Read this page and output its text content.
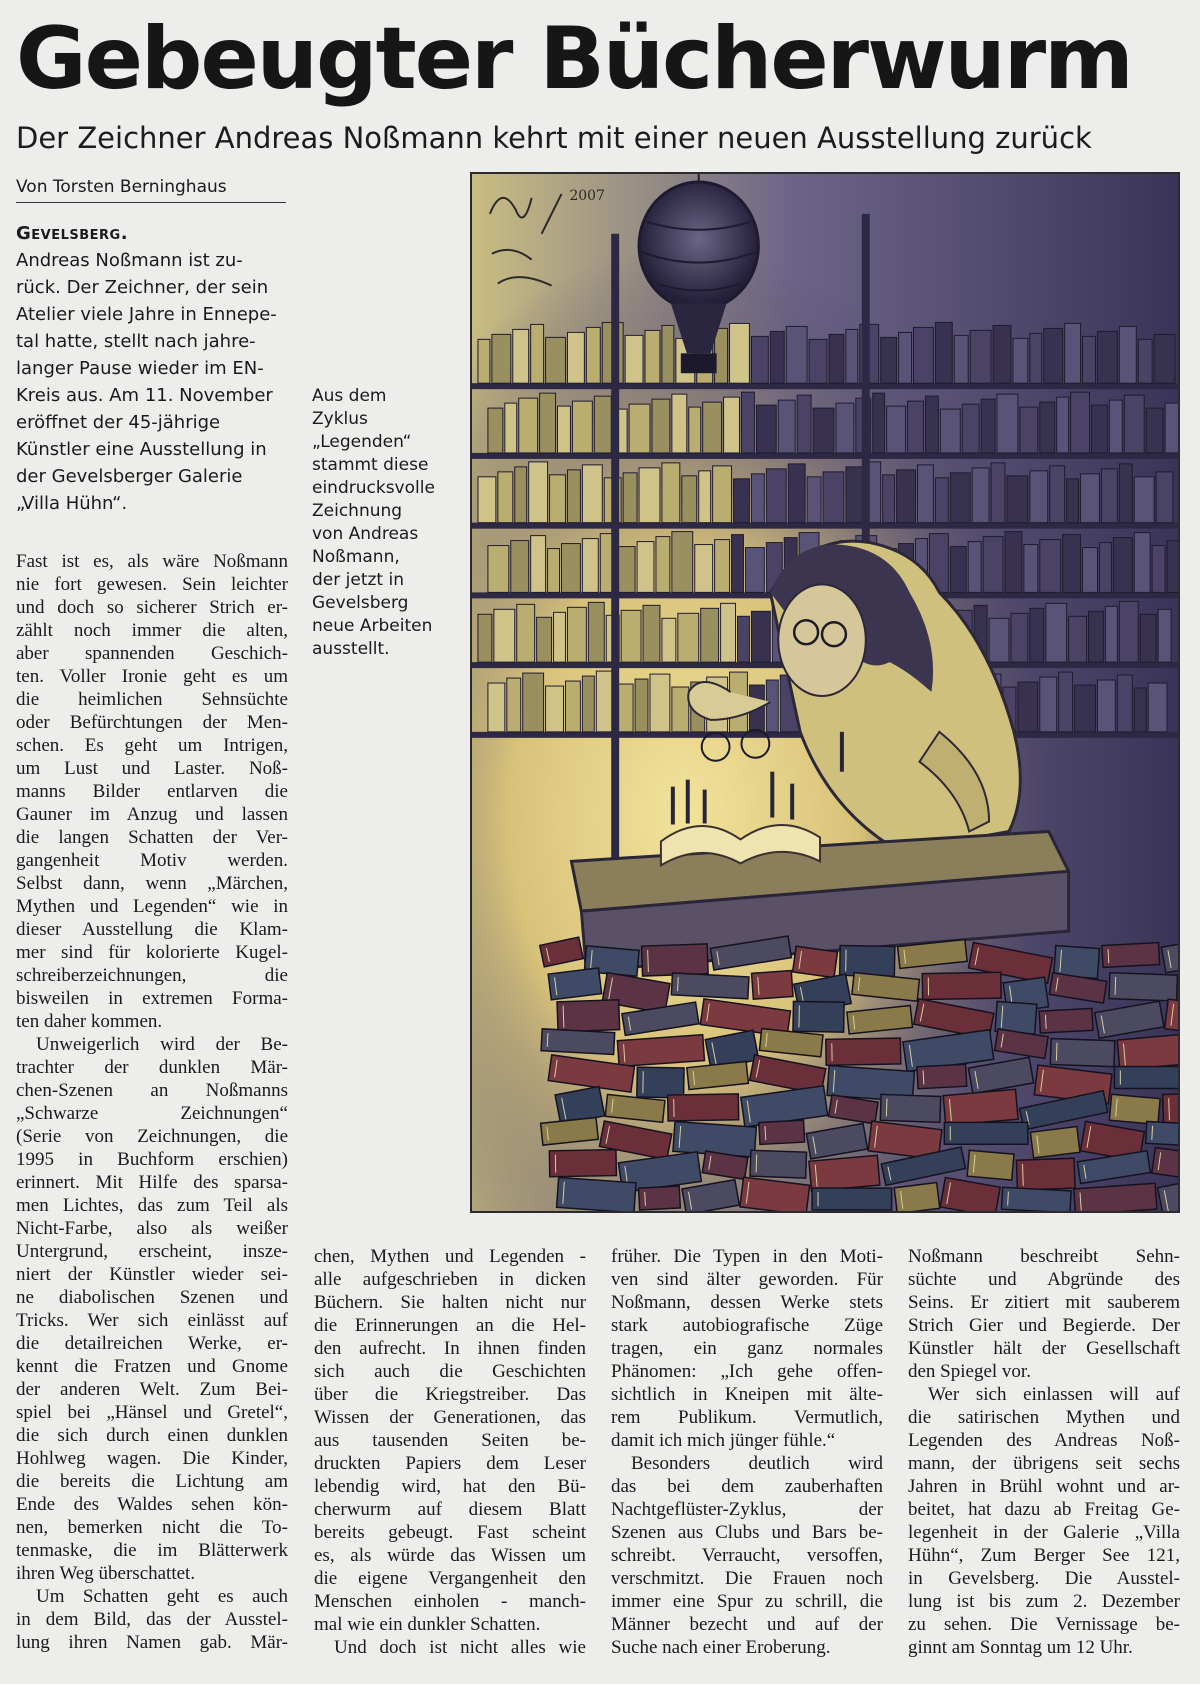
Gebeugter Bücherwurm
Der Zeichner Andreas Noßmann kehrt mit einer neuen Ausstellung zurück
Von Torsten Berninghaus
Gevelsberg.
Andreas Noßmann ist zu-
rück. Der Zeichner, der sein
Atelier viele Jahre in Ennepe-
tal hatte, stellt nach jahre-
langer Pause wieder im EN-
Kreis aus. Am 11. November
eröffnet der 45-jährige
Künstler eine Ausstellung in
der Gevelsberger Galerie
„Villa Hühn“.
Aus dem
Zyklus
„Legenden“
stammt diese
eindrucksvolle
Zeichnung
von Andreas
Noßmann,
der jetzt in
Gevelsberg
neue Arbeiten
ausstellt.
Fast ist es, als wäre Noßmann
nie fort gewesen. Sein leichter
und doch so sicherer Strich er-
zählt noch immer die alten,
aber spannenden Geschich-
ten. Voller Ironie geht es um
die heimlichen Sehnsüchte
oder Befürchtungen der Men-
schen. Es geht um Intrigen,
um Lust und Laster. Noß-
manns Bilder entlarven die
Gauner im Anzug und lassen
die langen Schatten der Ver-
gangenheit Motiv werden.
Selbst dann, wenn „Märchen,
Mythen und Legenden“ wie in
dieser Ausstellung die Klam-
mer sind für kolorierte Kugel-
schreiberzeichnungen, die
bisweilen in extremen Forma-
ten daher kommen.
Unweigerlich wird der Be-
trachter der dunklen Mär-
chen-Szenen an Noßmanns
„Schwarze Zeichnungen“
(Serie von Zeichnungen, die
1995 in Buchform erschien)
erinnert. Mit Hilfe des sparsa-
men Lichtes, das zum Teil als
Nicht-Farbe, also als weißer
Untergrund, erscheint, insze-
niert der Künstler wieder sei-
ne diabolischen Szenen und
Tricks. Wer sich einlässt auf
die detailreichen Werke, er-
kennt die Fratzen und Gnome
der anderen Welt. Zum Bei-
spiel bei „Hänsel und Gretel“,
die sich durch einen dunklen
Hohlweg wagen. Die Kinder,
die bereits die Lichtung am
Ende des Waldes sehen kön-
nen, bemerken nicht die To-
tenmaske, die im Blätterwerk
ihren Weg überschattet.
Um Schatten geht es auch
in dem Bild, das der Ausstel-
lung ihren Namen gab. Mär-
chen, Mythen und Legenden -
alle aufgeschrieben in dicken
Büchern. Sie halten nicht nur
die Erinnerungen an die Hel-
den aufrecht. In ihnen finden
sich auch die Geschichten
über die Kriegstreiber. Das
Wissen der Generationen, das
aus tausenden Seiten be-
druckten Papiers dem Leser
lebendig wird, hat den Bü-
cherwurm auf diesem Blatt
bereits gebeugt. Fast scheint
es, als würde das Wissen um
die eigene Vergangenheit den
Menschen einholen - manch-
mal wie ein dunkler Schatten.
Und doch ist nicht alles wie
früher. Die Typen in den Moti-
ven sind älter geworden. Für
Noßmann, dessen Werke stets
stark autobiografische Züge
tragen, ein ganz normales
Phänomen: „Ich gehe offen-
sichtlich in Kneipen mit älte-
rem Publikum. Vermutlich,
damit ich mich jünger fühle.“
Besonders deutlich wird
das bei dem zauberhaften
Nachtgeflüster-Zyklus, der
Szenen aus Clubs und Bars be-
schreibt. Verraucht, versoffen,
verschmitzt. Die Frauen noch
immer eine Spur zu schrill, die
Männer bezecht und auf der
Suche nach einer Eroberung.
Noßmann beschreibt Sehn-
süchte und Abgründe des
Seins. Er zitiert mit sauberem
Strich Gier und Begierde. Der
Künstler hält der Gesellschaft
den Spiegel vor.
Wer sich einlassen will auf
die satirischen Mythen und
Legenden des Andreas Noß-
mann, der übrigens seit sechs
Jahren in Brühl wohnt und ar-
beitet, hat dazu ab Freitag Ge-
legenheit in der Galerie „Villa
Hühn“, Zum Berger See 121,
in Gevelsberg. Die Ausstel-
lung ist bis zum 2. Dezember
zu sehen. Die Vernissage be-
ginnt am Sonntag um 12 Uhr.
2007
